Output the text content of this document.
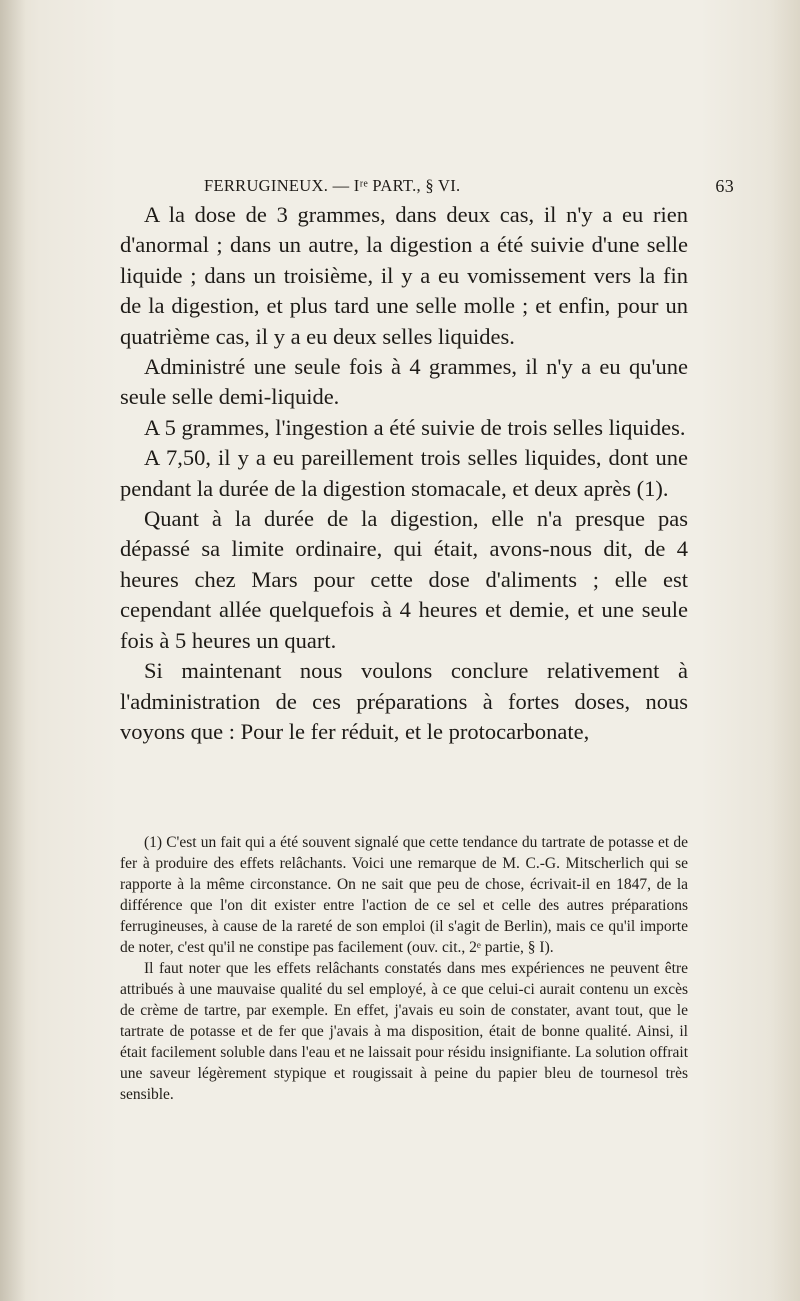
FERRUGINEUX. — Iʳᵉ PART., § VI.	63

A la dose de 3 grammes, dans deux cas, il n'y a eu rien d'anormal ; dans un autre, la digestion a été suivie d'une selle liquide ; dans un troisième, il y a eu vomissement vers la fin de la digestion, et plus tard une selle molle ; et enfin, pour un quatrième cas, il y a eu deux selles liquides.

Administré une seule fois à 4 grammes, il n'y a eu qu'une seule selle demi-liquide.

A 5 grammes, l'ingestion a été suivie de trois selles liquides.

A 7,50, il y a eu pareillement trois selles liquides, dont une pendant la durée de la digestion stomacale, et deux après (1).

Quant à la durée de la digestion, elle n'a presque pas dépassé sa limite ordinaire, qui était, avons-nous dit, de 4 heures chez Mars pour cette dose d'aliments ; elle est cependant allée quelquefois à 4 heures et demie, et une seule fois à 5 heures un quart.

Si maintenant nous voulons conclure relativement à l'administration de ces préparations à fortes doses, nous voyons que : Pour le fer réduit, et le protocarbonate,

(1) C'est un fait qui a été souvent signalé que cette tendance du tartrate de potasse et de fer à produire des effets relâchants. Voici une remarque de M. C.-G. Mitscherlich qui se rapporte à la même circonstance. On ne sait que peu de chose, écrivait-il en 1847, de la différence que l'on dit exister entre l'action de ce sel et celle des autres préparations ferrugineuses, à cause de la rareté de son emploi (il s'agit de Berlin), mais ce qu'il importe de noter, c'est qu'il ne constipe pas facilement (ouv. cit., 2ᵉ partie, § I).

Il faut noter que les effets relâchants constatés dans mes expériences ne peuvent être attribués à une mauvaise qualité du sel employé, à ce que celui-ci aurait contenu un excès de crème de tartre, par exemple. En effet, j'avais eu soin de constater, avant tout, que le tartrate de potasse et de fer que j'avais à ma disposition, était de bonne qualité. Ainsi, il était facilement soluble dans l'eau et ne laissait pour résidu insignifiante. La solution offrait une saveur légèrement stypique et rougissait à peine du papier bleu de tournesol très sensible.
